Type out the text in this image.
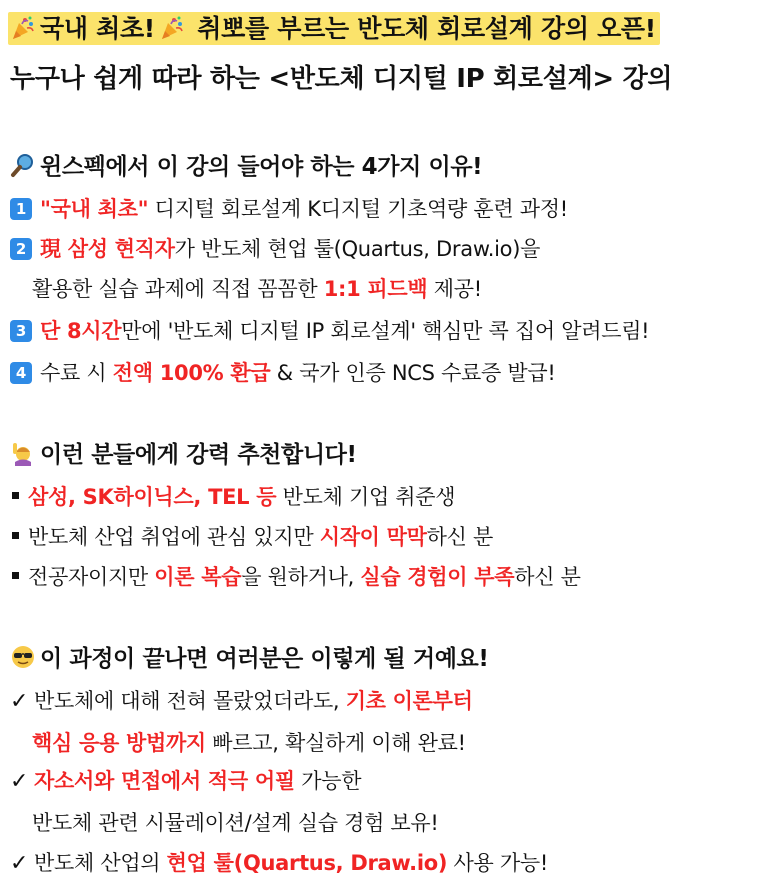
국내 최초! 취뽀를 부르는 반도체 회로설계 강의 오픈!
누구나 쉽게 따라 하는 <반도체 디지털 IP 회로설계> 강의
윈스펙에서 이 강의 들어야 하는 4가지 이유!
1 "국내 최초" 디지털 회로설계 K디지털 기초역량 훈련 과정!
2 現 삼성 현직자가 반도체 현업 툴(Quartus, Draw.io)을
활용한 실습 과제에 직접 꼼꼼한 1:1 피드백 제공!
3 단 8시간만에 '반도체 디지털 IP 회로설계' 핵심만 콕 집어 알려드림!
4 수료 시 전액 100% 환급 & 국가 인증 NCS 수료증 발급!
이런 분들에게 강력 추천합니다!
삼성, SK하이닉스, TEL 등 반도체 기업 취준생
반도체 산업 취업에 관심 있지만 시작이 막막하신 분
전공자이지만 이론 복습을 원하거나, 실습 경험이 부족하신 분
이 과정이 끝나면 여러분은 이렇게 될 거예요!
✓ 반도체에 대해 전혀 몰랐었더라도, 기초 이론부터
핵심 응용 방법까지 빠르고, 확실하게 이해 완료!
✓ 자소서와 면접에서 적극 어필 가능한
반도체 관련 시뮬레이션/설계 실습 경험 보유!
✓ 반도체 산업의 현업 툴(Quartus, Draw.io) 사용 가능!
